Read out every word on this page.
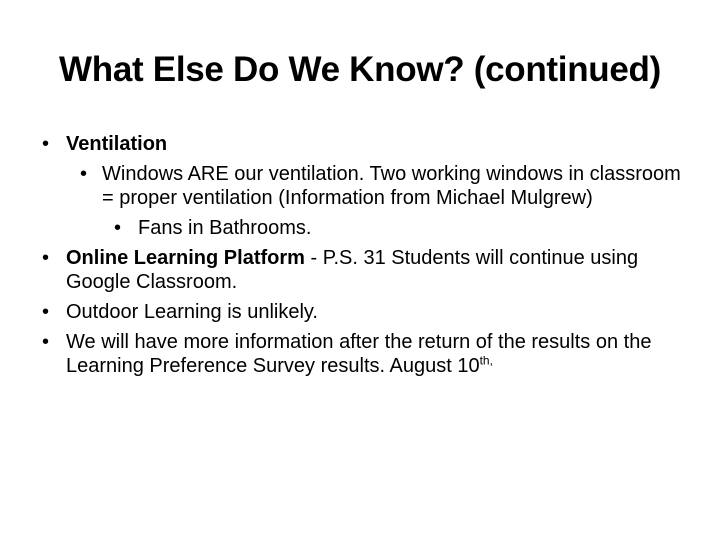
What Else Do We Know? (continued)
• Ventilation
• Windows ARE our ventilation. Two working windows in classroom = proper ventilation (Information from Michael Mulgrew)
• Fans in Bathrooms.
• Online Learning Platform - P.S. 31 Students will continue using Google Classroom.
• Outdoor Learning is unlikely.
• We will have more information after the return of the results on the Learning Preference Survey results. August $10^{th,}$
